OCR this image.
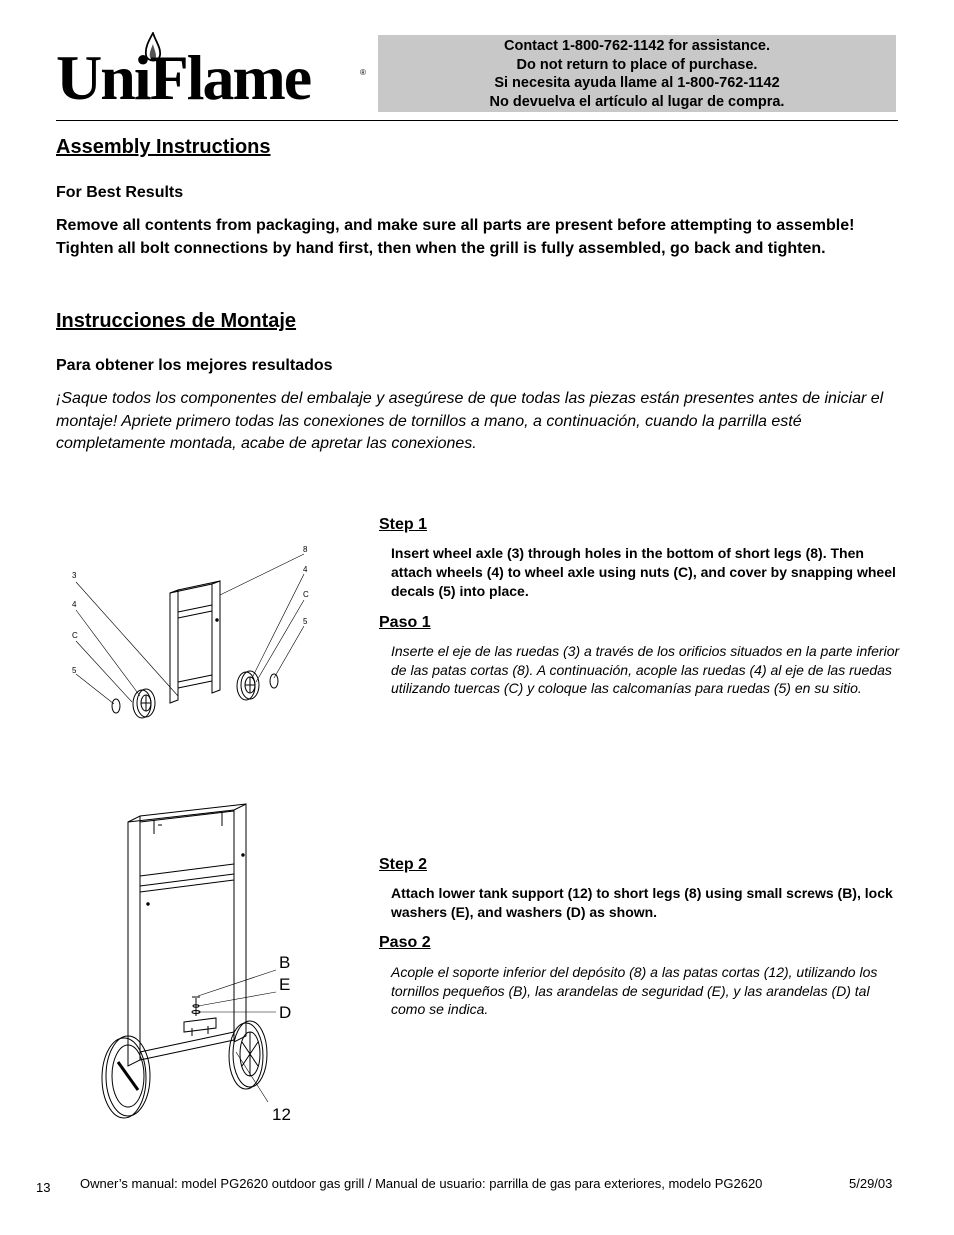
UniFlame	®
Contact 1-800-762-1142 for assistance.
Do not return to place of purchase.
Si necesita ayuda llame al 1-800-762-1142
No devuelva el artículo al lugar de compra.
Assembly Instructions
For Best Results
Remove all contents from packaging, and make sure all parts are present before attempting to assemble! Tighten all bolt connections by hand first, then when the grill is fully assembled, go back and tighten.
Instrucciones de Montaje
Para obtener los mejores resultados
¡Saque todos los componentes del embalaje y asegúrese de que todas las piezas están presentes antes de iniciar el montaje! Apriete primero todas las conexiones de tornillos a mano, a continuación, cuando la parrilla esté completamente montada, acabe de apretar las conexiones.
Step 1
Insert wheel axle (3) through holes in the bottom of short legs (8). Then attach wheels (4) to wheel axle using nuts (C), and cover by snapping wheel decals (5) into place.
Paso 1
Inserte el eje de las ruedas (3) a través de los orificios situados en la parte inferior de las patas cortas (8). A continuación, acople las ruedas (4) al eje de las ruedas utilizando tuercas (C) y coloque las calcomanías para ruedas (5) en su sitio.
Step 2
Attach lower tank support (12) to short legs (8) using small screws (B), lock washers (E), and washers (D) as shown.
Paso 2
Acople el soporte inferior del depósito (8) a las patas cortas (12), utilizando los tornillos pequeños (B), las arandelas de seguridad (E), y las arandelas (D) tal como se indica.
3
4
C
5
8
4
C
5
B
E
D
12
13 Owner’s manual: model PG2620 outdoor gas grill / Manual de usuario: parrilla de gas para exteriores, modelo PG2620	5/29/03
